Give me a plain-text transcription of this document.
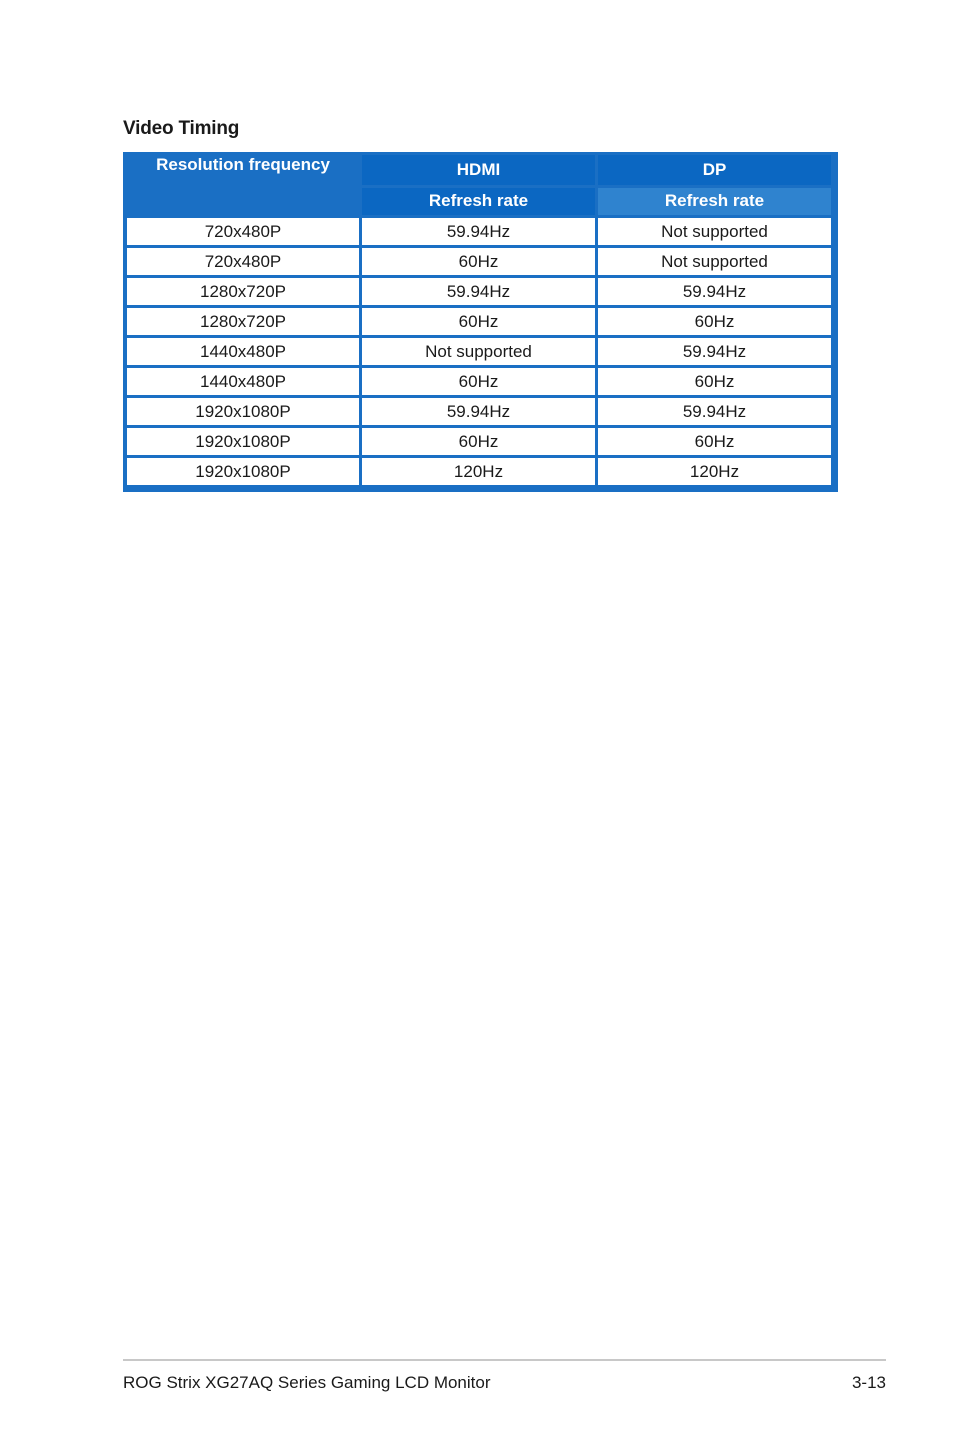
Video Timing
Resolution frequency	HDMI	DP
	Refresh rate	Refresh rate
720x480P	59.94Hz	Not supported
720x480P	60Hz	Not supported
1280x720P	59.94Hz	59.94Hz
1280x720P	60Hz	60Hz
1440x480P	Not supported	59.94Hz
1440x480P	60Hz	60Hz
1920x1080P	59.94Hz	59.94Hz
1920x1080P	60Hz	60Hz
1920x1080P	120Hz	120Hz
ROG Strix XG27AQ Series Gaming LCD Monitor	3-13
